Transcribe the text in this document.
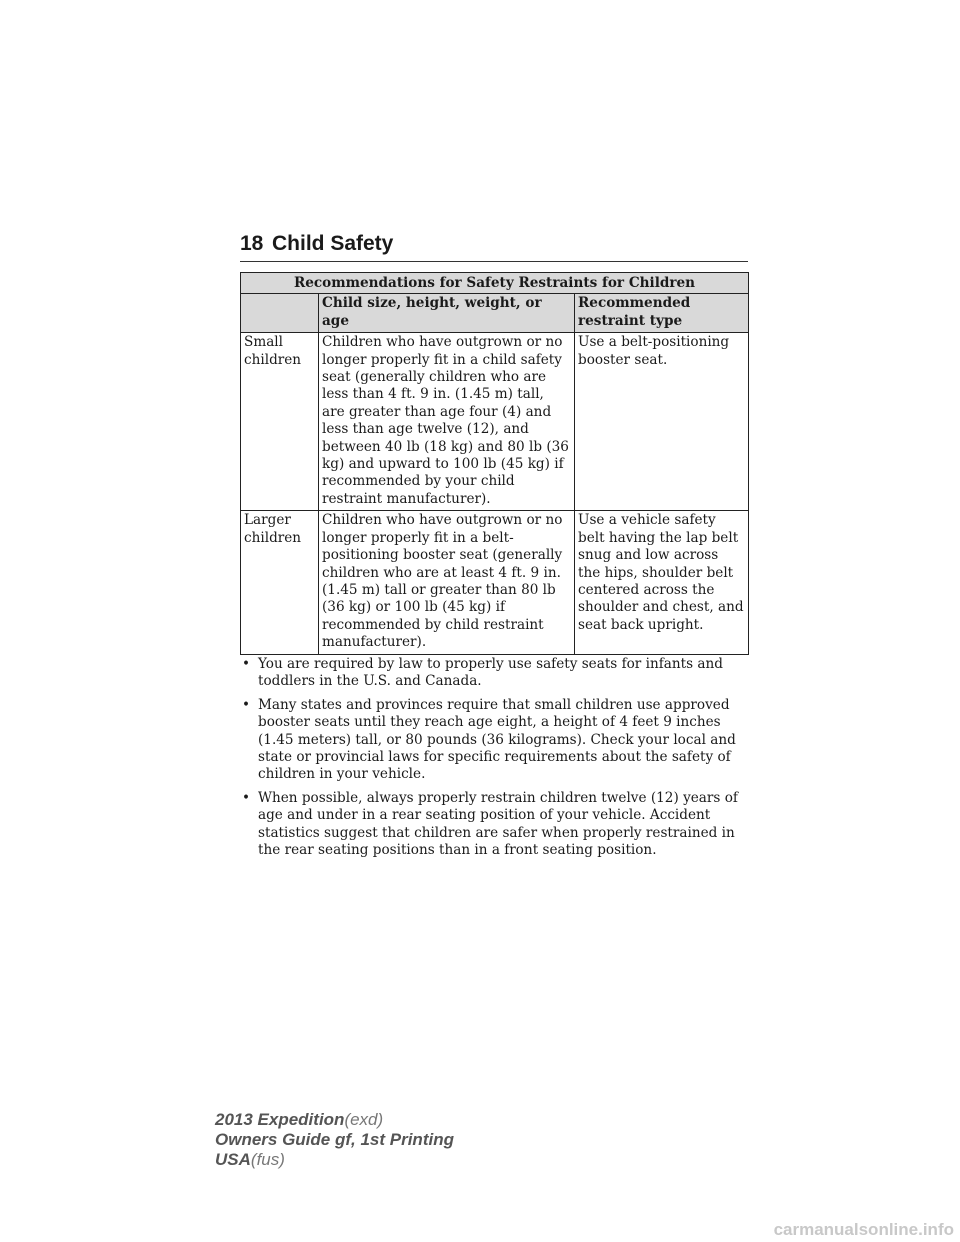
18 Child Safety
Recommendations for Safety Restraints for Children		
	Child size, height, weight, or age	Recommended restraint type
Small children	Children who have outgrown or no longer properly fit in a child safety seat (generally children who are less than 4 ft. 9 in. (1.45 m) tall, are greater than age four (4) and less than age twelve (12), and between 40 lb (18 kg) and 80 lb (36 kg) and upward to 100 lb (45 kg) if recommended by your child restraint manufacturer).	Use a belt-positioning booster seat.
Larger children	Children who have outgrown or no longer properly fit in a belt-positioning booster seat (generally children who are at least 4 ft. 9 in. (1.45 m) tall or greater than 80 lb (36 kg) or 100 lb (45 kg) if recommended by child restraint manufacturer).	Use a vehicle safety belt having the lap belt snug and low across the hips, shoulder belt centered across the shoulder and chest, and seat back upright.
• You are required by law to properly use safety seats for infants and toddlers in the U.S. and Canada.
• Many states and provinces require that small children use approved booster seats until they reach age eight, a height of 4 feet 9 inches (1.45 meters) tall, or 80 pounds (36 kilograms). Check your local and state or provincial laws for specific requirements about the safety of children in your vehicle.
• When possible, always properly restrain children twelve (12) years of age and under in a rear seating position of your vehicle. Accident statistics suggest that children are safer when properly restrained in the rear seating positions than in a front seating position.
2013 Expedition(exd)
Owners Guide gf, 1st Printing
USA(fus)
carmanualsonline.info
